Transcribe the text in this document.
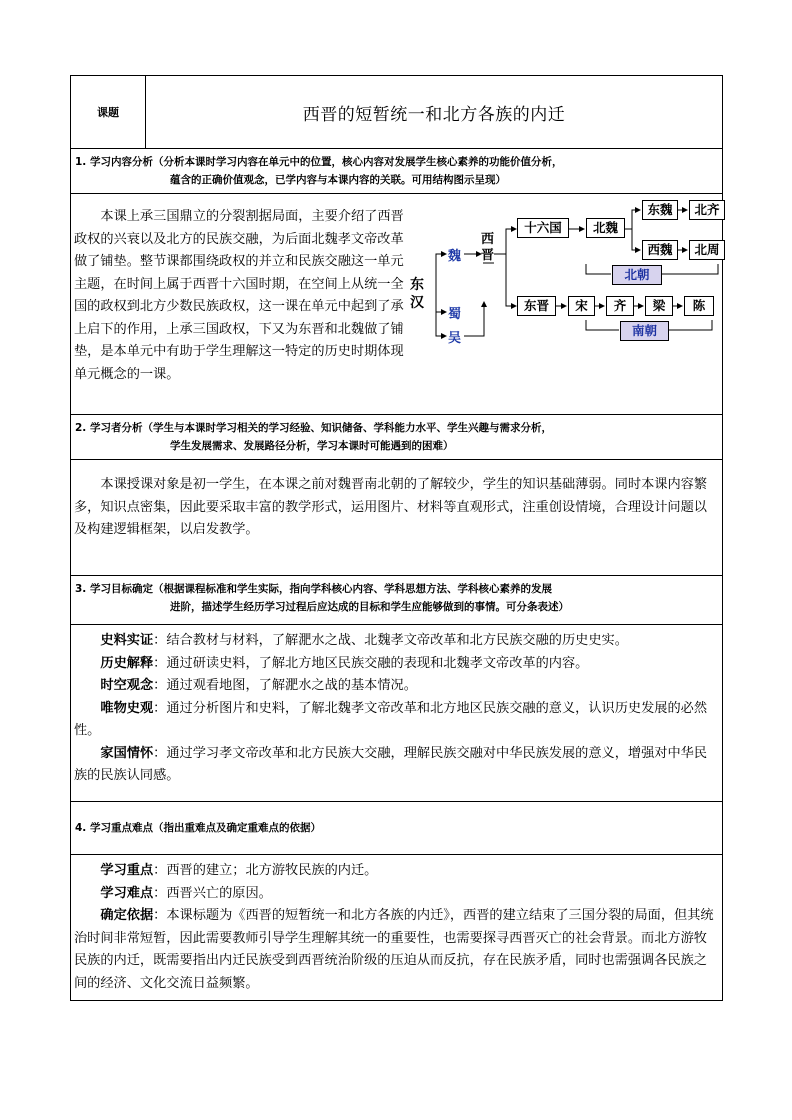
课题	西晋的短暂统一和北方各族的内迁
1. 学习内容分析（分析本课时学习内容在单元中的位置，核心内容对发展学生核心素养的功能价值分析，
蕴含的正确价值观念，已学内容与本课内容的关联。可用结构图示呈现）

本课上承三国鼎立的分裂割据局面，主要介绍了西晋政权的兴衰以及北方的民族交融，为后面北魏孝文帝改革做了铺垫。整节课都围绕政权的并立和民族交融这一单元主题，在时间上属于西晋十六国时期，在空间上从统一全国的政权到北方少数民族政权，这一课在单元中起到了承上启下的作用，上承三国政权，下又为东晋和北魏做了铺垫，是本单元中有助于学生理解这一特定的历史时期体现单元概念的一课。

东汉
魏
蜀
吴
西晋
十六国	北魏
东魏	北齐
西魏	北周
北朝
东晋	宋	齐	梁	陈
南朝

2. 学习者分析（学生与本课时学习相关的学习经验、知识储备、学科能力水平、学生兴趣与需求分析，
学生发展需求、发展路径分析，学习本课时可能遇到的困难）

本课授课对象是初一学生，在本课之前对魏晋南北朝的了解较少，学生的知识基础薄弱。同时本课内容繁多，知识点密集，因此要采取丰富的教学形式，运用图片、材料等直观形式，注重创设情境，合理设计问题以及构建逻辑框架，以启发教学。

3. 学习目标确定（根据课程标准和学生实际，指向学科核心内容、学科思想方法、学科核心素养的发展
进阶，描述学生经历学习过程后应达成的目标和学生应能够做到的事情。可分条表述）

史料实证：结合教材与材料，了解淝水之战、北魏孝文帝改革和北方民族交融的历史史实。

历史解释：通过研读史料，了解北方地区民族交融的表现和北魏孝文帝改革的内容。

时空观念：通过观看地图，了解淝水之战的基本情况。

唯物史观：通过分析图片和史料，了解北魏孝文帝改革和北方地区民族交融的意义，认识历史发展的必然性。

家国情怀：通过学习孝文帝改革和北方民族大交融，理解民族交融对中华民族发展的意义，增强对中华民族的民族认同感。

4. 学习重点难点（指出重难点及确定重难点的依据）

学习重点：西晋的建立；北方游牧民族的内迁。

学习难点：西晋兴亡的原因。

确定依据：本课标题为《西晋的短暂统一和北方各族的内迁》，西晋的建立结束了三国分裂的局面，但其统治时间非常短暂，因此需要教师引导学生理解其统一的重要性，也需要探寻西晋灭亡的社会背景。而北方游牧民族的内迁，既需要指出内迁民族受到西晋统治阶级的压迫从而反抗，存在民族矛盾，同时也需强调各民族之间的经济、文化交流日益频繁。
